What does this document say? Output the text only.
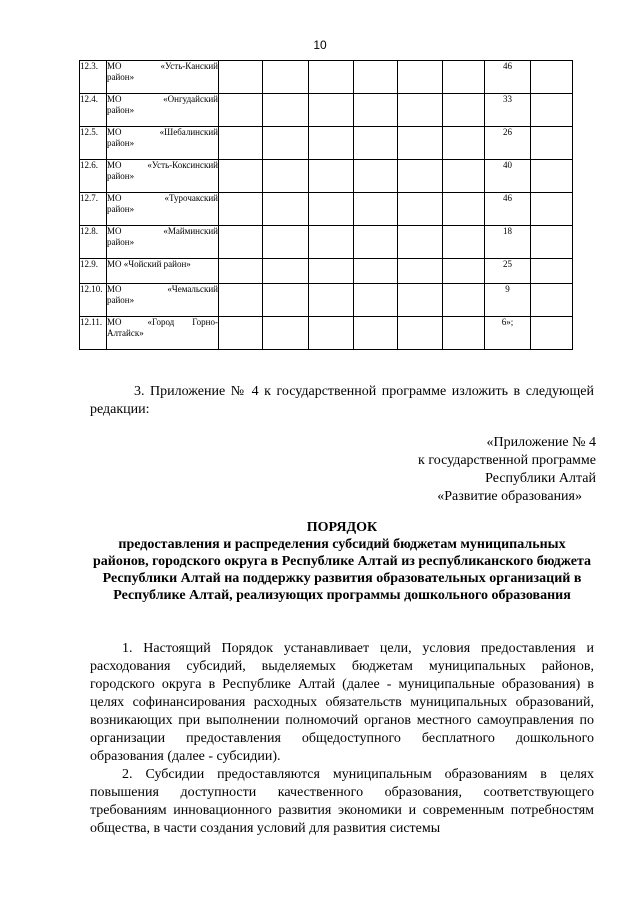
10
12.3.	МО «Усть-Канский
район»							46	
12.4.	МО «Онгудайский
район»							33	
12.5.	МО «Шебалинский
район»							26	
12.6.	МО «Усть-Коксинский
район»							40	
12.7.	МО «Турочакский
район»							46	
12.8.	МО «Майминский
район»							18	
12.9.	МО «Чойский район»							25	
12.10.	МО «Чемальский
район»							9	
12.11.	МО «Город        Горно-
Алтайск»							6»;	
3. Приложение № 4 к государственной программе изложить в следующей редакции:
«Приложение № 4
к государственной программе
Республики Алтай
«Развитие образования»
ПОРЯДОК
предоставления и распределения субсидий бюджетам муниципальных районов, городского округа в Республике Алтай из республиканского бюджета Республики Алтай на поддержку развития образовательных организаций в Республике Алтай, реализующих программы дошкольного образования

1. Настоящий Порядок устанавливает цели, условия предоставления и расходования субсидий, выделяемых бюджетам муниципальных районов, городского округа в Республике Алтай (далее - муниципальные образования) в целях софинансирования расходных обязательств муниципальных образований, возникающих при выполнении полномочий органов местного самоуправления по организации предоставления общедоступного бесплатного дошкольного образования (далее - субсидии).

2. Субсидии предоставляются муниципальным образованиям в целях повышения доступности качественного образования, соответствующего требованиям инновационного развития экономики и современным потребностям общества, в части создания условий для развития системы
